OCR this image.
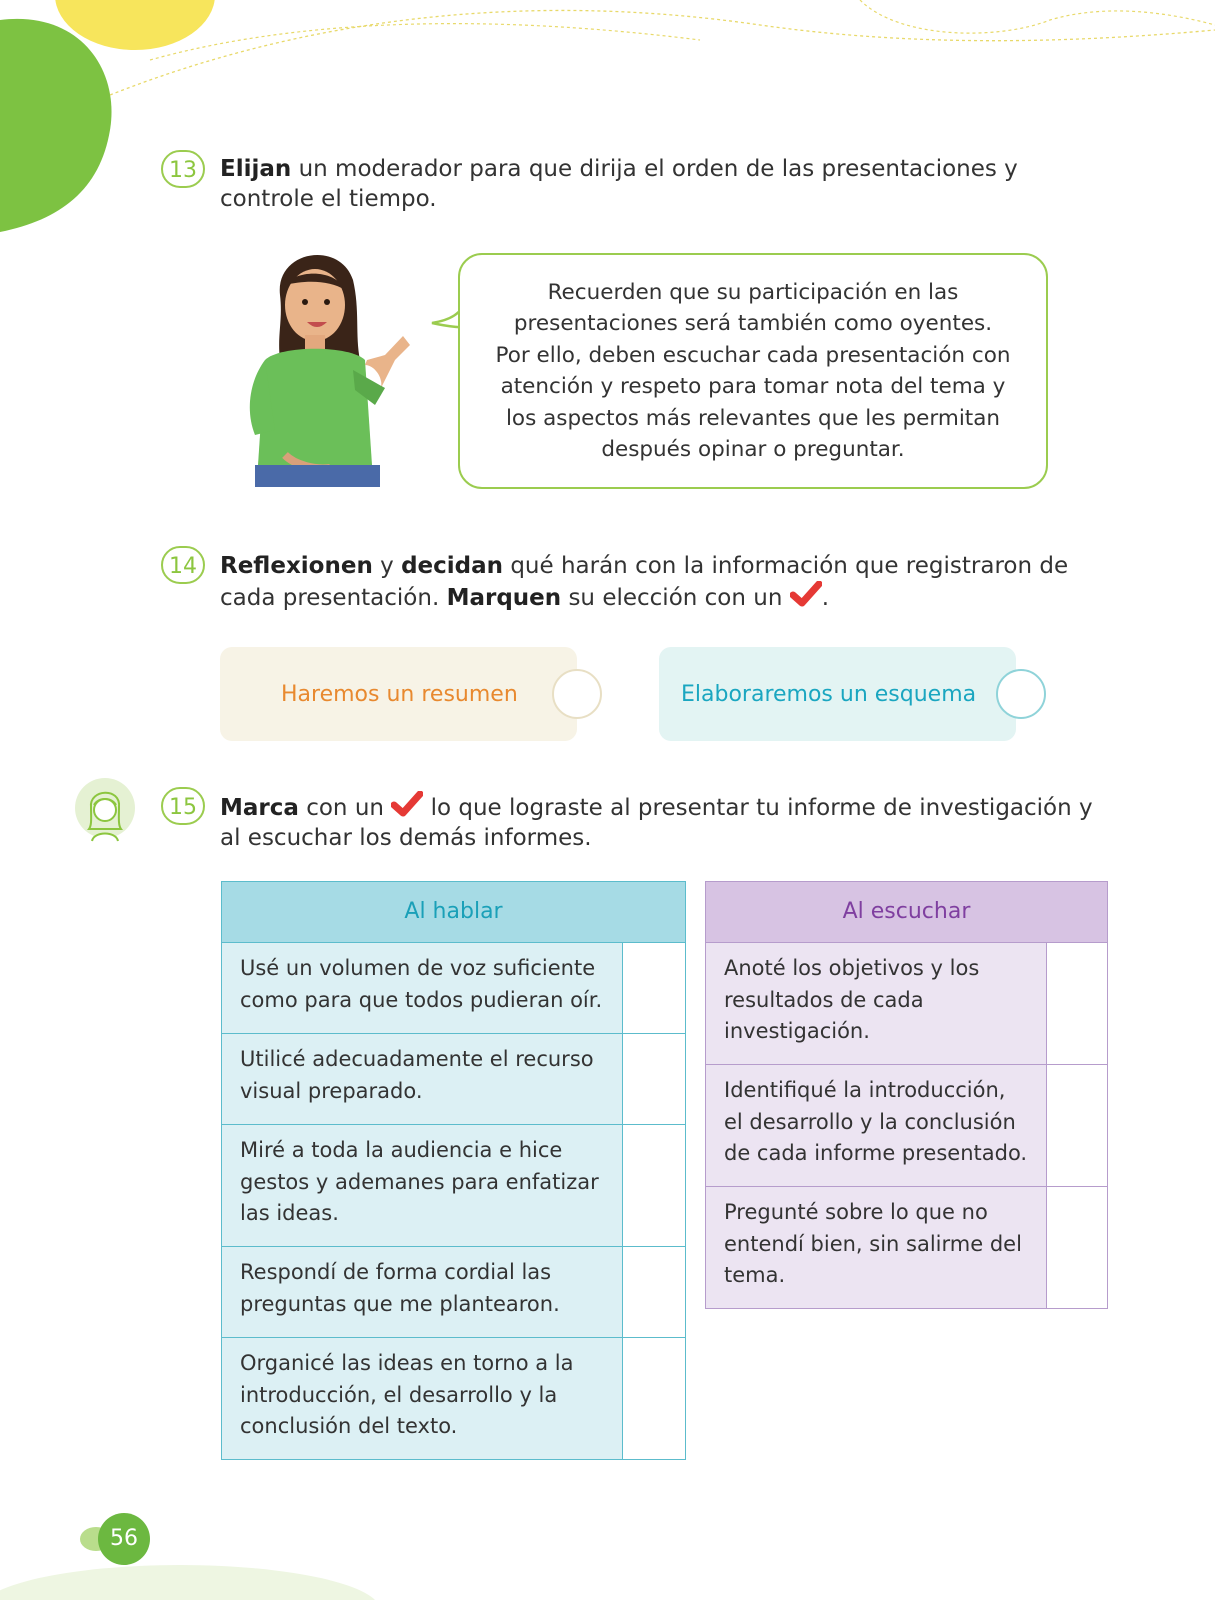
13	Elijan un moderador para que dirija el orden de las presentaciones y controle el tiempo.
Recuerden que su participación en las
presentaciones será también como oyentes.
Por ello, deben escuchar cada presentación con
atención y respeto para tomar nota del tema y
los aspectos más relevantes que les permitan
después opinar o preguntar.
14	Reflexionen y decidan qué harán con la información que registraron de cada presentación. Marquen su elección con un .
Haremos un resumen	Elaboraremos un esquema
15	Marca con un  lo que lograste al presentar tu informe de investigación y al escuchar los demás informes.
Al hablar	
Usé un volumen de voz suficiente como para que todos pudieran oír.	
Utilicé adecuadamente el recurso visual preparado.	
Miré a toda la audiencia e hice gestos y ademanes para enfatizar las ideas.	
Respondí de forma cordial las preguntas que me plantearon.	
Organicé las ideas en torno a la introducción, el desarrollo y la conclusión del texto.	
Al escuchar	
Anoté los objetivos y los resultados de cada investigación.	
Identifiqué la introducción, el desarrollo y la conclusión de cada informe presentado.	
Pregunté sobre lo que no entendí bien, sin salirme del tema.	
56
